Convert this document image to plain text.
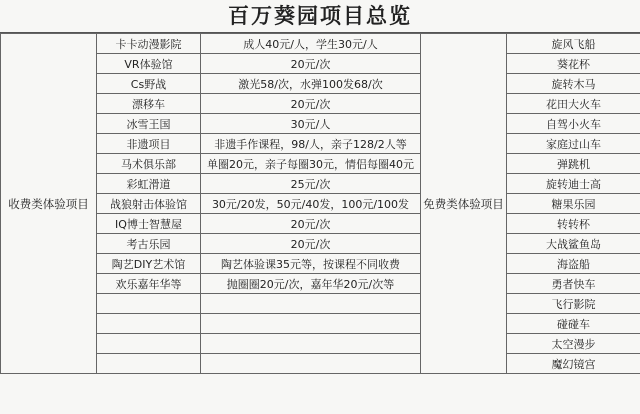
百万葵园项目总览
收费类体验项目	卡卡动漫影院	成人40元/人，学生30元/人	免费类体验项目	旋风飞船
	VR体验馆	20元/次		葵花杯
	Cs野战	激光58/次，水弹100发68/次		旋转木马
	漂移车	20元/次		花田大火车
	冰雪王国	30元/人		自驾小火车
	非遗项目	非遗手作课程，98/人，亲子128/2人等		家庭过山车
	马术俱乐部	单圈20元，亲子每圈30元，情侣每圈40元		弹跳机
	彩虹滑道	25元/次		旋转迪士高
	战狼射击体验馆	30元/20发，50元/40发，100元/100发		糖果乐园
	IQ博士智慧屋	20元/次		转转杯
	考古乐园	20元/次		大战鲨鱼岛
	陶艺DIY艺术馆	陶艺体验课35元等，按课程不同收费		海盗船
	欢乐嘉年华等	抛圈圈20元/次，嘉年华20元/次等		勇者快车
				飞行影院
				碰碰车
				太空漫步
				魔幻镜宫
